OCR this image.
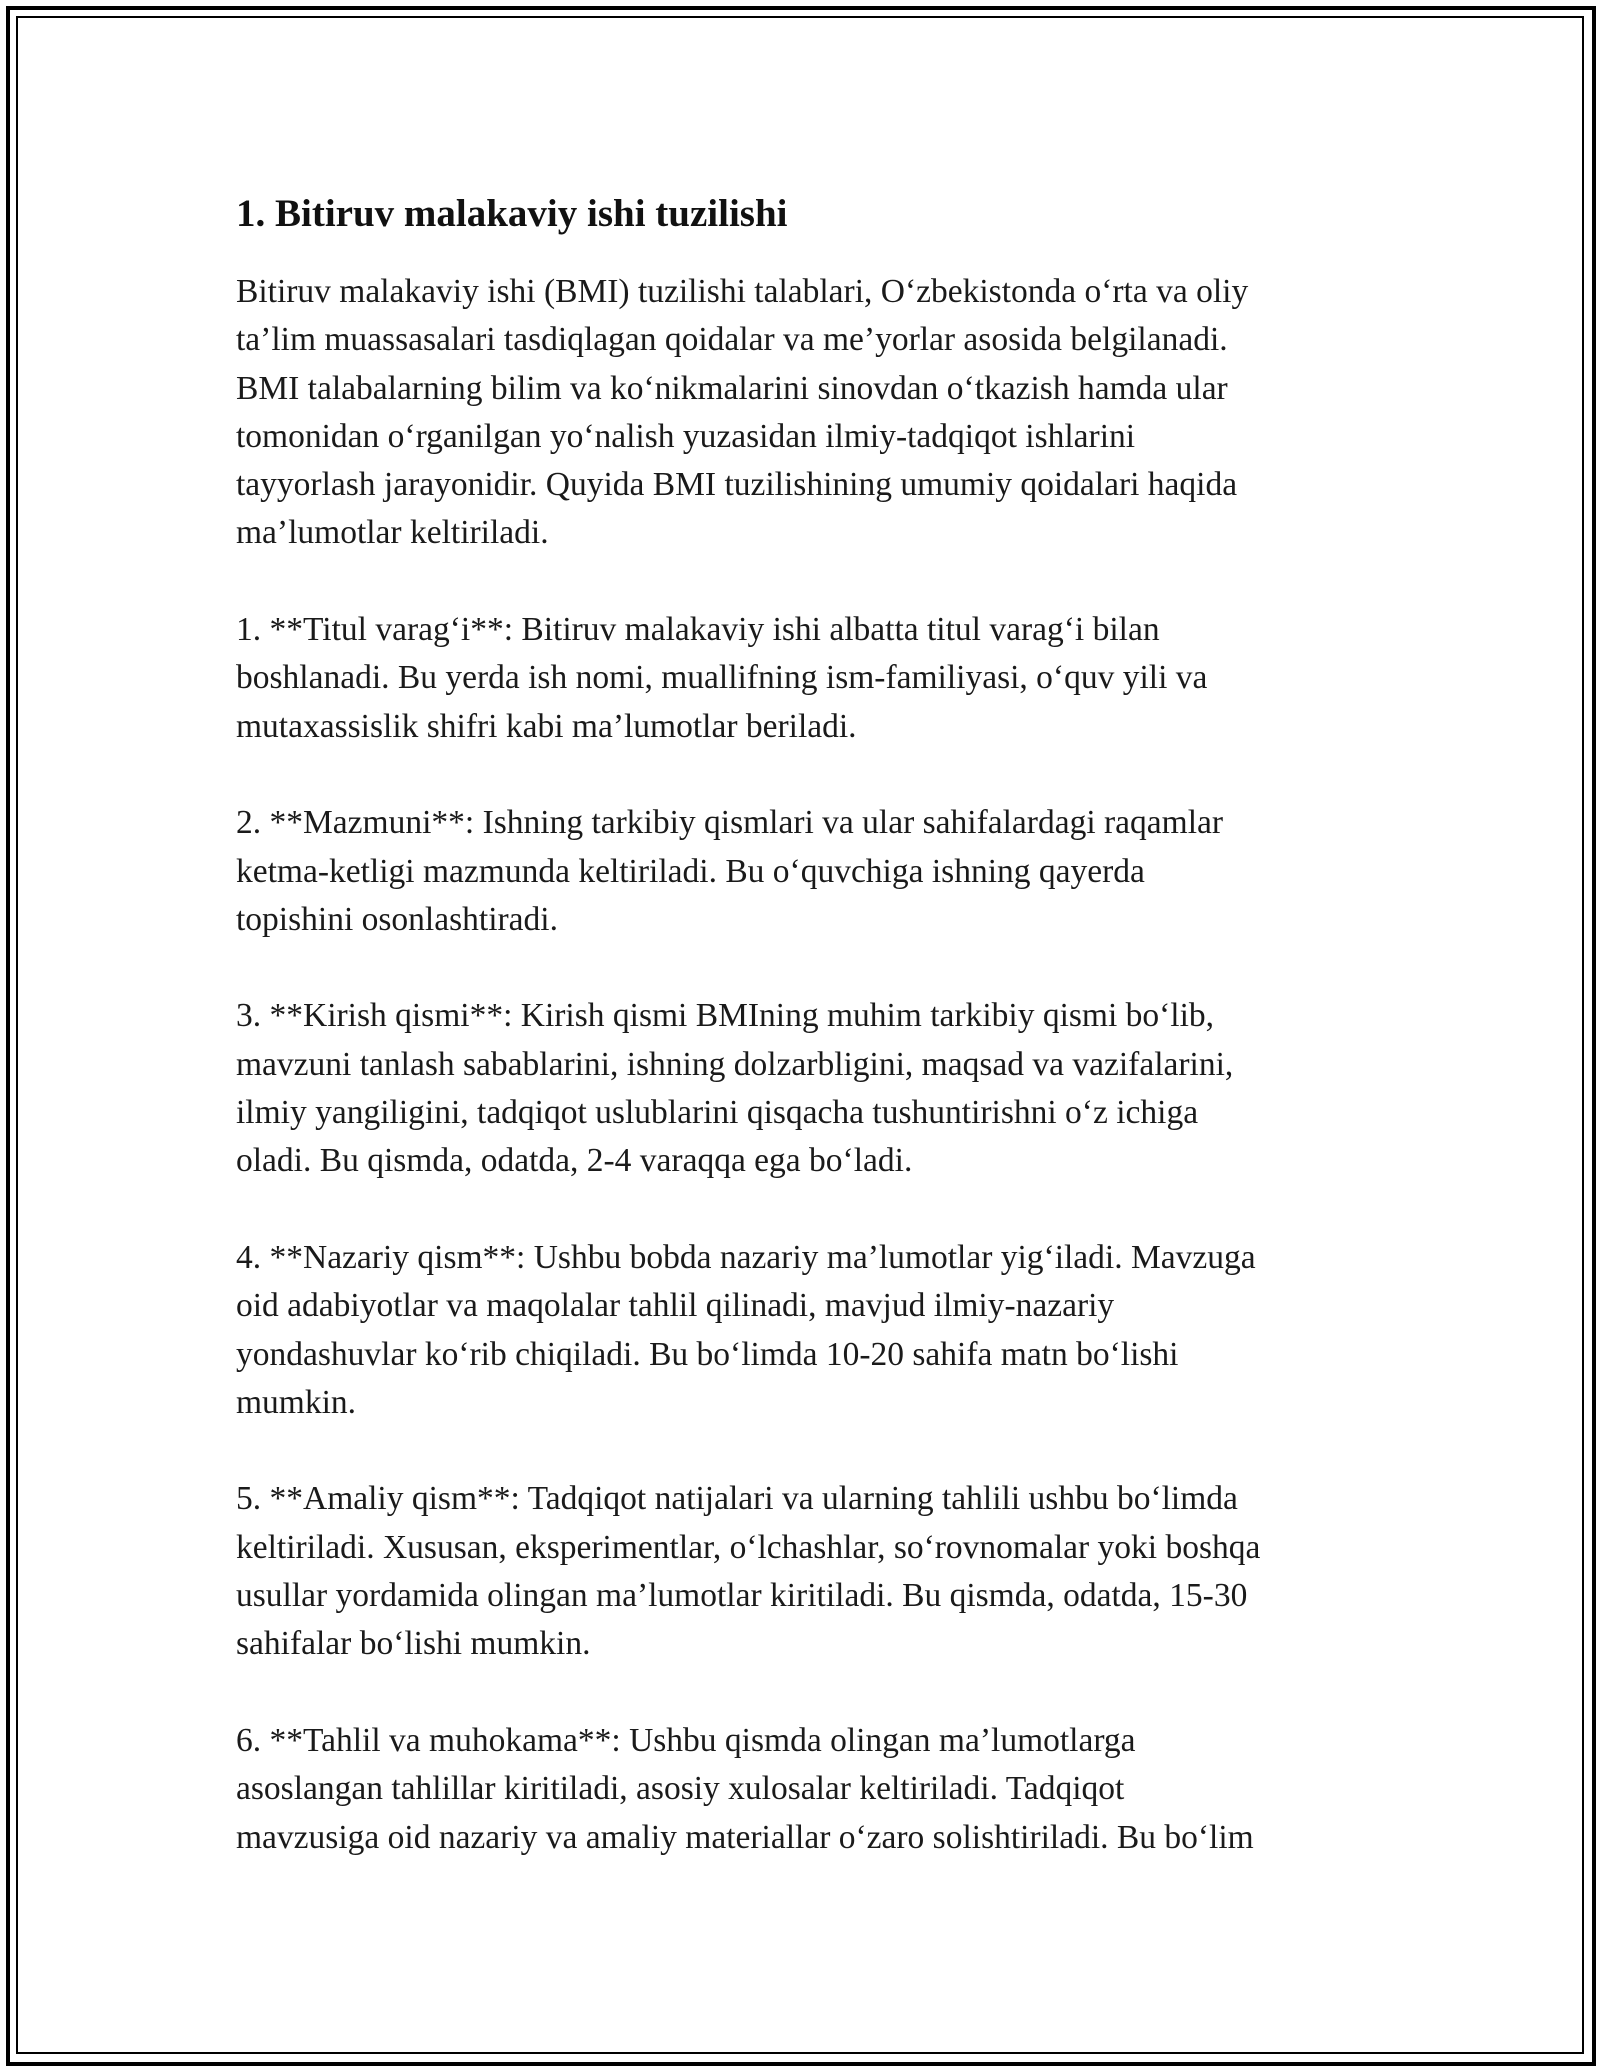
1. Bitiruv malakaviy ishi tuzilishi
Bitiruv malakaviy ishi (BMI) tuzilishi talablari, O‘zbekistonda o‘rta va oliy
ta’lim muassasalari tasdiqlagan qoidalar va me’yorlar asosida belgilanadi.
BMI talabalarning bilim va ko‘nikmalarini sinovdan o‘tkazish hamda ular
tomonidan o‘rganilgan yo‘nalish yuzasidan ilmiy-tadqiqot ishlarini
tayyorlash jarayonidir. Quyida BMI tuzilishining umumiy qoidalari haqida
ma’lumotlar keltiriladi.
1. **Titul varag‘i**: Bitiruv malakaviy ishi albatta titul varag‘i bilan
boshlanadi. Bu yerda ish nomi, muallifning ism-familiyasi, o‘quv yili va
mutaxassislik shifri kabi ma’lumotlar beriladi.
2. **Mazmuni**: Ishning tarkibiy qismlari va ular sahifalardagi raqamlar
ketma-ketligi mazmunda keltiriladi. Bu o‘quvchiga ishning qayerda
topishini osonlashtiradi.
3. **Kirish qismi**: Kirish qismi BMIning muhim tarkibiy qismi bo‘lib,
mavzuni tanlash sabablarini, ishning dolzarbligini, maqsad va vazifalarini,
ilmiy yangiligini, tadqiqot uslublarini qisqacha tushuntirishni o‘z ichiga
oladi. Bu qismda, odatda, 2-4 varaqqa ega bo‘ladi.
4. **Nazariy qism**: Ushbu bobda nazariy ma’lumotlar yig‘iladi. Mavzuga
oid adabiyotlar va maqolalar tahlil qilinadi, mavjud ilmiy-nazariy
yondashuvlar ko‘rib chiqiladi. Bu bo‘limda 10-20 sahifa matn bo‘lishi
mumkin.
5. **Amaliy qism**: Tadqiqot natijalari va ularning tahlili ushbu bo‘limda
keltiriladi. Xususan, eksperimentlar, o‘lchashlar, so‘rovnomalar yoki boshqa
usullar yordamida olingan ma’lumotlar kiritiladi. Bu qismda, odatda, 15-30
sahifalar bo‘lishi mumkin.
6. **Tahlil va muhokama**: Ushbu qismda olingan ma’lumotlarga
asoslangan tahlillar kiritiladi, asosiy xulosalar keltiriladi. Tadqiqot
mavzusiga oid nazariy va amaliy materiallar o‘zaro solishtiriladi. Bu bo‘lim
